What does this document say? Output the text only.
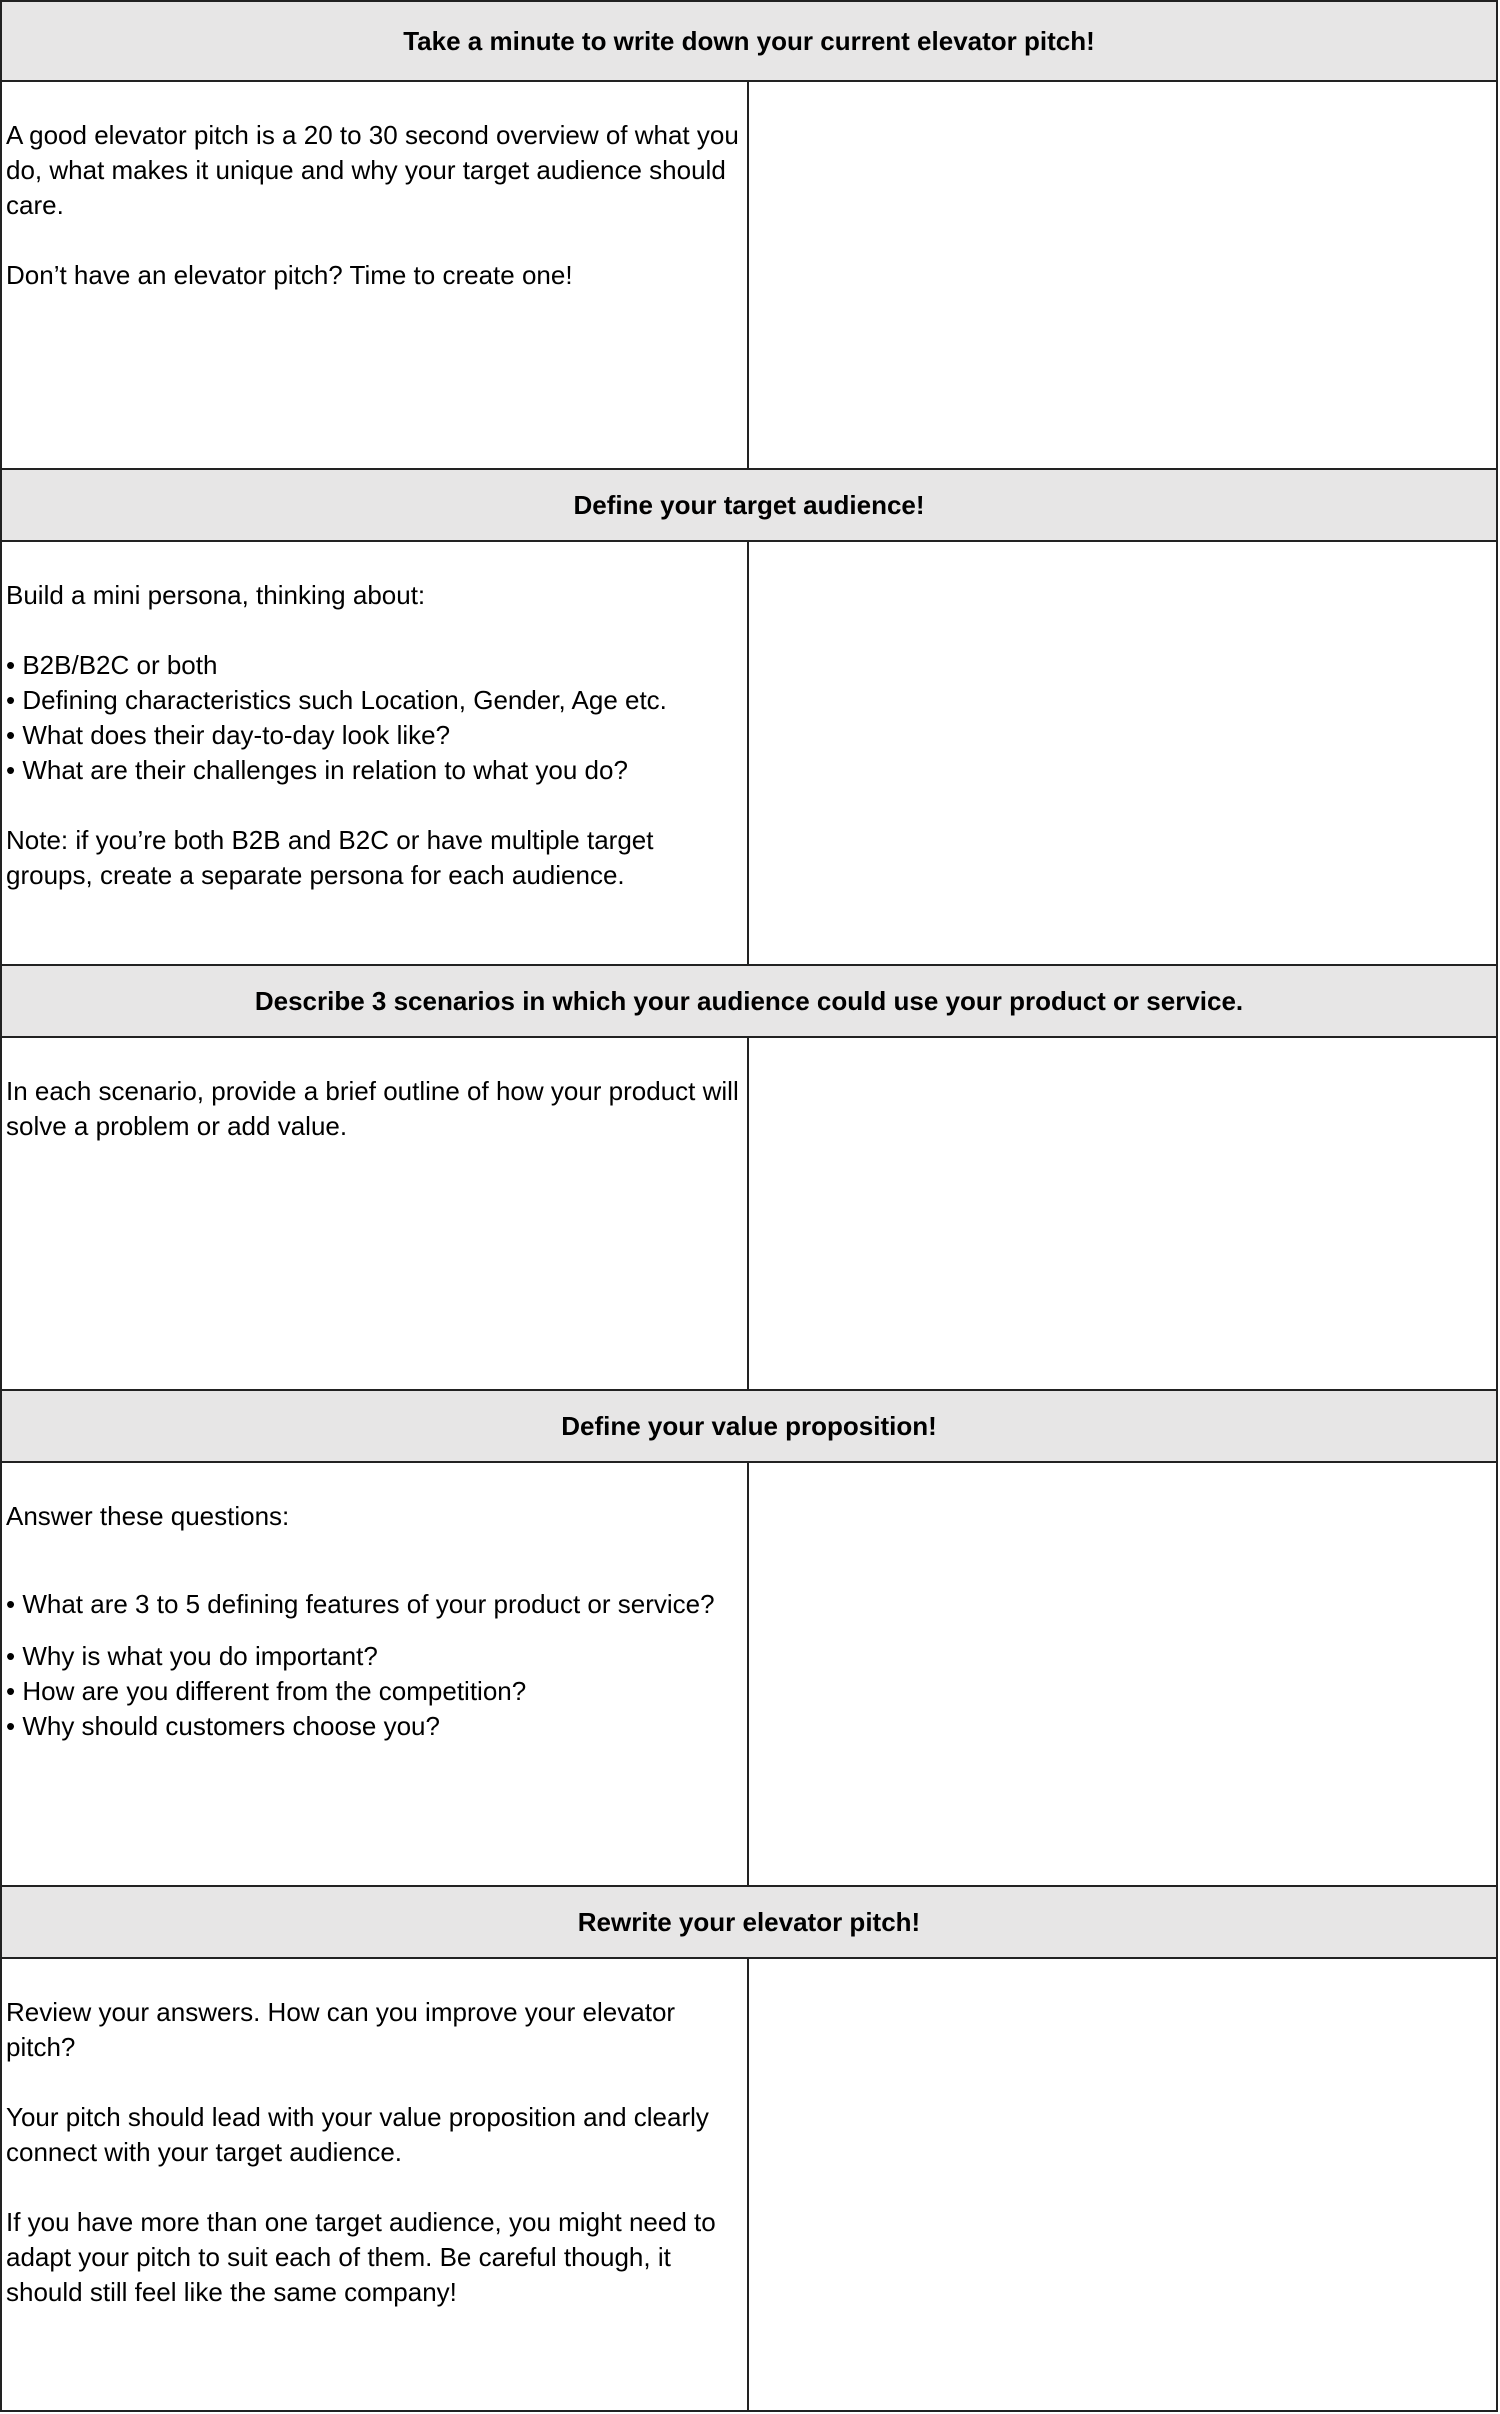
Take a minute to write down your current elevator pitch!

A good elevator pitch is a 20 to 30 second overview of what you do, what makes it unique and why your target audience should care.

Don’t have an elevator pitch? Time to create one!

Define your target audience!

Build a mini persona, thinking about:

• B2B/B2C or both
• Defining characteristics such Location, Gender, Age etc.
• What does their day-to-day look like?
• What are their challenges in relation to what you do?

Note: if you’re both B2B and B2C or have multiple target groups, create a separate persona for each audience.

Describe 3 scenarios in which your audience could use your product or service.

In each scenario, provide a brief outline of how your product will solve a problem or add value.

Define your value proposition!

Answer these questions:

• What are 3 to 5 defining features of your product or service?
• Why is what you do important?
• How are you different from the competition?
• Why should customers choose you?
Rewrite your elevator pitch!

Review your answers. How can you improve your elevator pitch?

Your pitch should lead with your value proposition and clearly connect with your target audience.

If you have more than one target audience, you might need to adapt your pitch to suit each of them. Be careful though, it should still feel like the same company!
